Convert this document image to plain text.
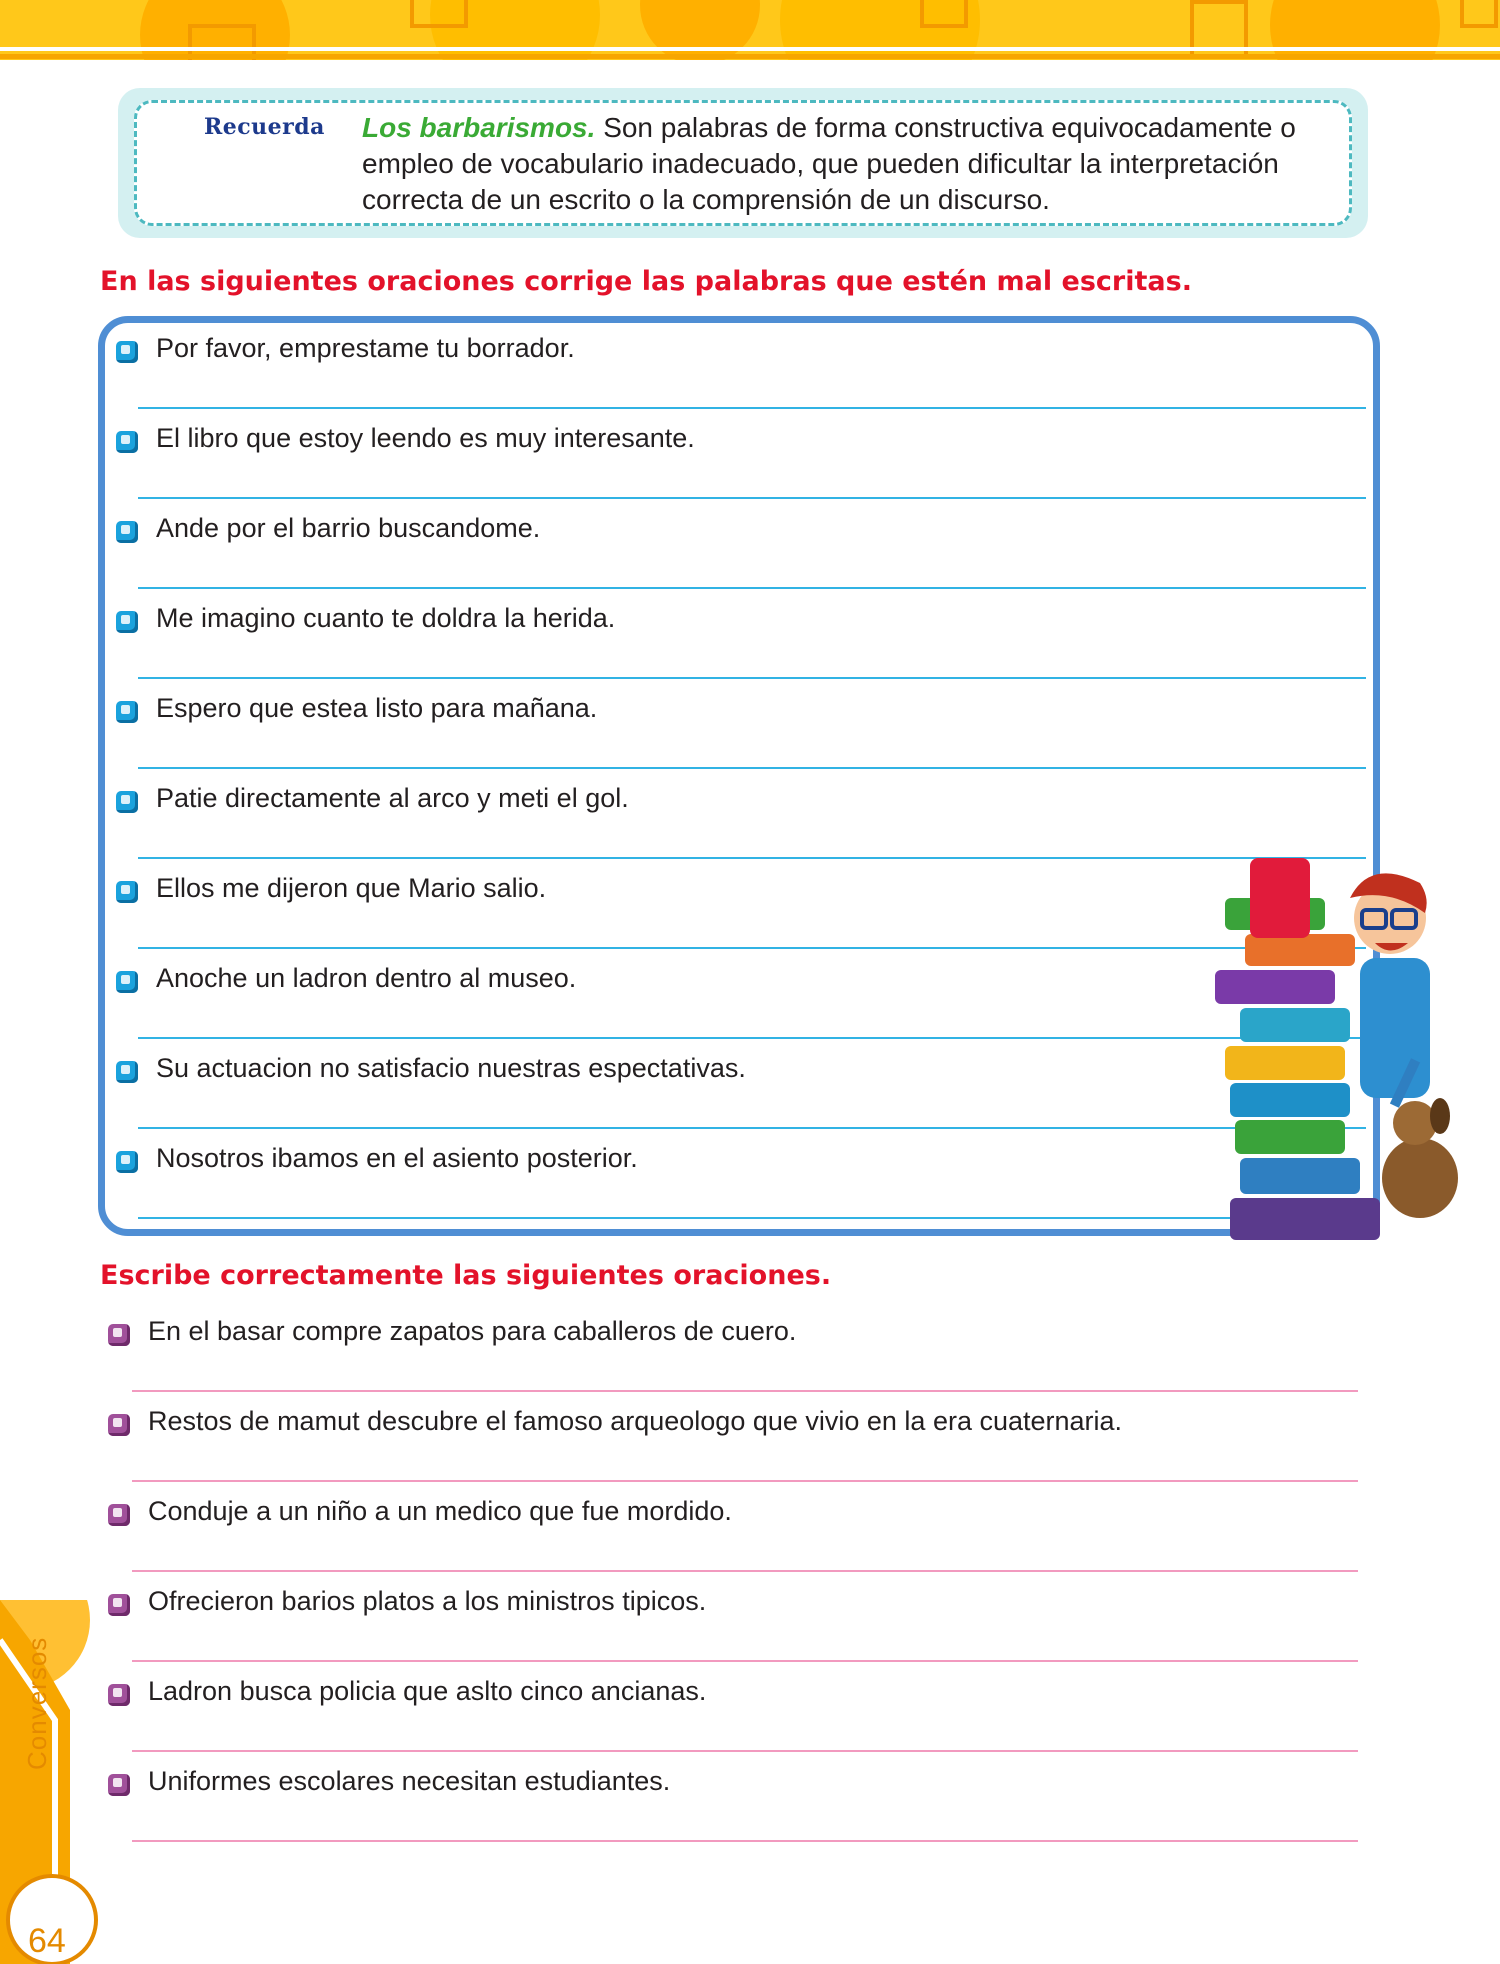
Recuerda Los barbarismos. Son palabras de forma constructiva equivocadamente o empleo de vocabulario inadecuado, que pueden dificultar la interpretación correcta de un escrito o la comprensión de un discurso.
En las siguientes oraciones corrige las palabras que estén mal escritas.
Por favor, emprestame tu borrador.
El libro que estoy leendo es muy interesante.
Ande por el barrio buscandome.
Me imagino cuanto te doldra la herida.
Espero que estea listo para mañana.
Patie directamente al arco y meti el gol.
Ellos me dijeron que Mario salio.
Anoche un ladron dentro al museo.
Su actuacion no satisfacio nuestras espectativas.
Nosotros ibamos en el asiento posterior.
Escribe correctamente las siguientes oraciones.
En el basar compre zapatos para caballeros de cuero.
Restos de mamut descubre el famoso arqueologo que vivio en la era cuaternaria.
Conduje a un niño a un medico que fue mordido.
Ofrecieron barios platos a los ministros tipicos.
Ladron busca policia que aslto cinco ancianas.
Uniformes escolares necesitan estudiantes.
Conversos
64
